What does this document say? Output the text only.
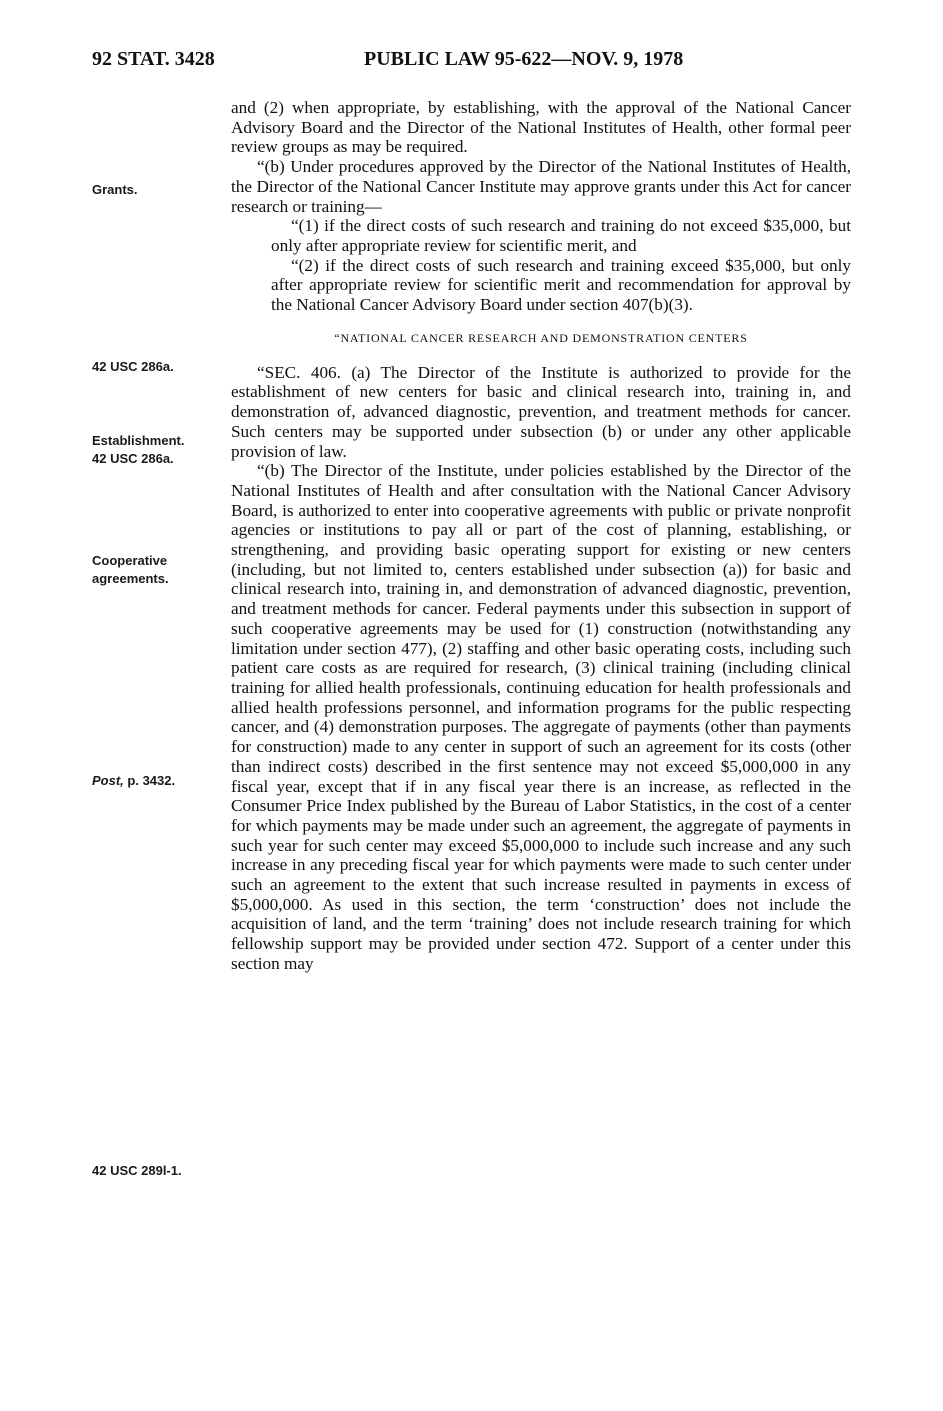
92 STAT. 3428	PUBLIC LAW 95-622—NOV. 9, 1978
Grants.
42 USC 286a.
Establishment.
42 USC 286a.
Cooperative
agreements.
Post, p. 3432.
42 USC 289l-1.

and (2) when appropriate, by establishing, with the approval of the National Cancer Advisory Board and the Director of the National Institutes of Health, other formal peer review groups as may be required.

“(b) Under procedures approved by the Director of the National Institutes of Health, the Director of the National Cancer Institute may approve grants under this Act for cancer research or training—

“(1) if the direct costs of such research and training do not exceed $35,000, but only after appropriate review for scientific merit, and

“(2) if the direct costs of such research and training exceed $35,000, but only after appropriate review for scientific merit and recommendation for approval by the National Cancer Advisory Board under section 407(b)(3).

“NATIONAL CANCER RESEARCH AND DEMONSTRATION CENTERS

“SEC. 406. (a) The Director of the Institute is authorized to provide for the establishment of new centers for basic and clinical research into, training in, and demonstration of, advanced diagnostic, prevention, and treatment methods for cancer. Such centers may be supported under subsection (b) or under any other applicable provision of law.

“(b) The Director of the Institute, under policies established by the Director of the National Institutes of Health and after consultation with the National Cancer Advisory Board, is authorized to enter into cooperative agreements with public or private nonprofit agencies or institutions to pay all or part of the cost of planning, establishing, or strengthening, and providing basic operating support for existing or new centers (including, but not limited to, centers established under subsection (a)) for basic and clinical research into, training in, and demonstration of advanced diagnostic, prevention, and treatment methods for cancer. Federal payments under this subsection in support of such cooperative agreements may be used for (1) construction (notwithstanding any limitation under section 477), (2) staffing and other basic operating costs, including such patient care costs as are required for research, (3) clinical training (including clinical training for allied health professionals, continuing education for health professionals and allied health professions personnel, and information programs for the public respecting cancer, and (4) demonstration purposes. The aggregate of payments (other than payments for construction) made to any center in support of such an agreement for its costs (other than indirect costs) described in the first sentence may not exceed $5,000,000 in any fiscal year, except that if in any fiscal year there is an increase, as reflected in the Consumer Price Index published by the Bureau of Labor Statistics, in the cost of a center for which payments may be made under such an agreement, the aggregate of payments in such year for such center may exceed $5,000,000 to include such increase and any such increase in any preceding fiscal year for which payments were made to such center under such an agreement to the extent that such increase resulted in payments in excess of $5,000,000. As used in this section, the term ‘construction’ does not include the acquisition of land, and the term ‘training’ does not include research training for which fellowship support may be provided under section 472. Support of a center under this section may
